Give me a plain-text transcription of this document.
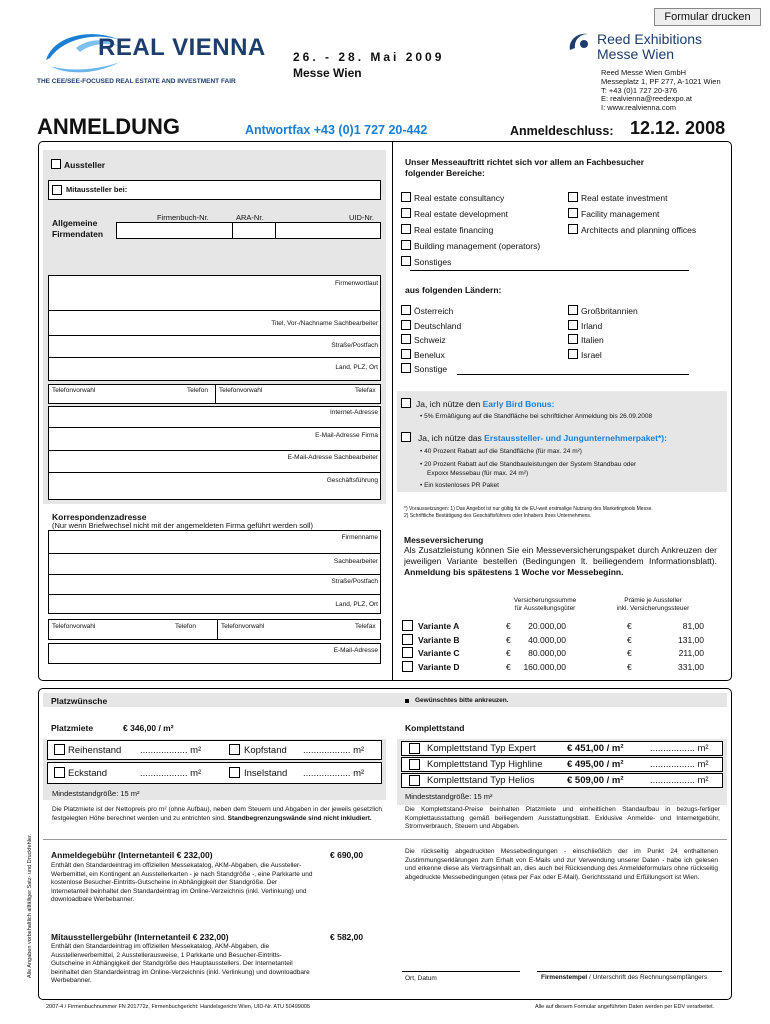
Formular drucken
REAL VIENNA
THE CEE/SEE-FOCUSED REAL ESTATE AND INVESTMENT FAIR
26. - 28. Mai 2009
Messe Wien
Reed Exhibitions
Messe Wien
Reed Messe Wien GmbH
Messeplatz 1, PF 277, A-1021 Wien
T: +43 (0)1 727 20-376
E: realvienna@reedexpo.at
I: www.realvienna.com
ANMELDUNG	Antwortfax +43 (0)1 727 20-442	Anmeldeschluss: 12.12. 2008
Aussteller
Mitaussteller bei:
Allgemeine
Firmendaten
Firmenbuch-Nr.	ARA-Nr.	UID-Nr.
Firmenwortlaut
Titel, Vor-/Nachname Sachbearbeiter
Straße/Postfach
Land, PLZ, Ort
Telefonvorwahl	Telefon Telefonvorwahl	Telefax
Internet-Adresse
E-Mail-Adresse Firma
E-Mail-Adresse Sachbearbeiter
Geschäftsführung
Korrespondenzadresse
(Nur wenn Briefwechsel nicht mit der angemeldeten Firma geführt werden soll)
Firmenname
Sachbearbeiter
Straße/Postfach
Land, PLZ, Ort
Telefonvorwahl	Telefon	Telefonvorwahl	Telefax
E-Mail-Adresse
Unser Messeauftritt richtet sich vor allem an Fachbesucher
folgender Bereiche:
aus folgenden Ländern:
Ja, ich nütze den Early Bird Bonus:
• 5% Ermäßigung auf die Standfläche bei schriftlicher Anmeldung bis 26.09.2008
Ja, ich nütze das Erstaussteller- und Jungunternehmerpaket*):
• 40 Prozent Rabatt auf die Standfläche (für max. 24 m²)
• 20 Prozent Rabatt auf die Standbauleistungen der System Standbau oder
Expoxx Messebau (für max. 24 m²)
• Ein kostenloses PR Paket
*) Voraussetzungen: 1) Das Angebot ist nur gültig für die EU-weit erstmalige Nutzung des Marketingtools Messe.
2) Schriftliche Bestätigung des Geschäftsführers oder Inhabers Ihres Unternehmens.
Messeversicherung
Als Zusatzleistung können Sie ein Messeversicherungspaket durch Ankreuzen der jeweiligen Variante bestellen (Bedingungen lt. beiliegendem Informationsblatt). Anmeldung bis spätestens 1 Woche vor Messebeginn.
Versicherungssumme
für Ausstellungsgüter
Prämie je Aussteller
inkl. Versicherungssteuer
Platzwünsche	Gewünschtes bitte ankreuzen.
Platzmiete	€ 346,00 / m²
Reihenstand .................. m²	Kopfstand .................. m²
Eckstand	.................. m²	Inselstand .................. m²
Mindeststandgröße: 15 m²
Die Platzmiete ist der Nettopreis pro m² (ohne Aufbau), neben dem Steuern und Abgaben in der jeweils gesetzlich festgelegten Höhe berechnet werden und zu entrichten sind. Standbegrenzungswände sind nicht inkludiert.
Komplettstand
Mindeststandgröße: 15 m²
Die Komplettstand-Preise beinhalten Platzmiete und einheitlichen Standaufbau in bezugs-fertiger Komplettausstattung gemäß beiliegendem Ausstattungsblatt. Exklusive Anmelde- und Internetgebühr, Stromverbrauch, Steuern und Abgaben.
Anmeldegebühr (Internetanteil € 232,00)	€ 690,00
Enthält den Standardeintrag im offiziellen Messekatalog, AKM-Abgaben, die Aussteller-Werbemittel, ein Kontingent an Ausstellerkarten - je nach Standgröße -, eine Parkkarte und kostenlose Besucher-Eintritts-Gutscheine in Abhängigkeit der Standgröße. Der Internetanteil beinhaltet den Standardeintrag im Online-Verzeichnis (inkl. Verlinkung) und downloadbare Werbebanner.
Mitausstellergebühr (Internetanteil € 232,00)	€ 582,00
Enthält den Standardeintrag im offiziellen Messekatalog, AKM-Abgaben, die Ausstellerwerbemittel, 2 Ausstellerausweise, 1 Parkkarte und Besucher-Eintritts-Gutscheine in Abhängigkeit der Standgröße des Hauptausstellers. Der Internetanteil beinhaltet den Standardeintrag im Online-Verzeichnis (inkl. Verlinkung) und downloadbare Werbebanner.
Die rückseitig abgedruckten Messebedingungen - einschließlich der im Punkt 24 enthaltenen Zustimmungserklärungen zum Erhalt von E-Mails und zur Verwendung unserer Daten - habe ich gelesen und erkenne diese als Vertragsinhalt an, dies auch bei Rücksendung des Anmeldeformulars ohne rückseitig abgedruckte Messebedingungen (etwa per Fax oder E-Mail). Gerichtsstand und Erfüllungsort ist Wien.
Ort, Datum	Firmenstempel / Unterschrift des Rechnungsempfängers
2007-4 / Firmenbuchnummer FN 201772z, Firmenbuchgericht: Handelsgericht Wien, UID-Nr. ATU 50499005	Alle auf diesem Formular angeführten Daten werden per EDV verarbeitet.
Alle Angaben vorbehaltlich allfälliger Satz- und Druckfehler.
Real estate consultancy
Real estate development
Real estate financing
Building management (operators)
Sonstiges
Real estate investment
Facility management
Architects and planning offices
Österreich
Deutschland
Schweiz
Benelux
Sonstige
Großbritannien
Irland
Italien
Israel
Variante A	€	20.000,00	€	81,00
Variante B	€	40.000,00	€	131,00
Variante C	€	80.000,00	€	211,00
Variante D	€	160.000,00	€	331,00
Komplettstand Typ Expert	€ 451,00 / m²	................. m²
Komplettstand Typ Highline	€ 495,00 / m²	................. m²
Komplettstand Typ Helios	€ 509,00 / m²	................. m²
